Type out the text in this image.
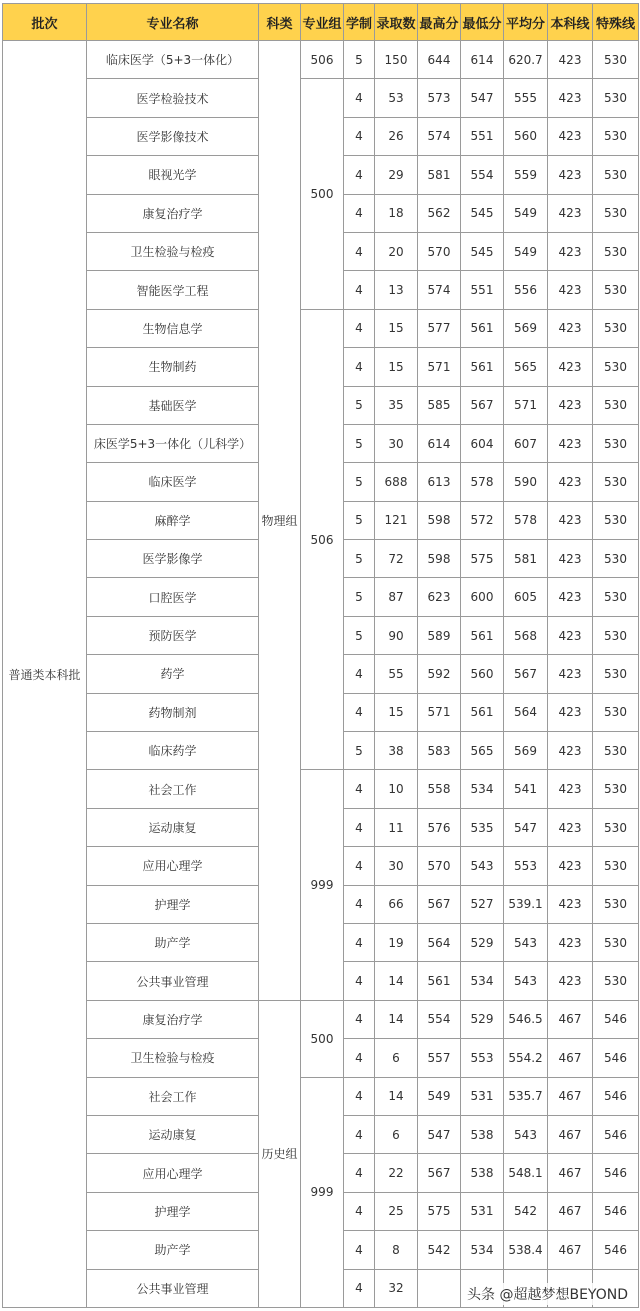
批次	专业名称	科类	专业组	学制	录取数	最高分	最低分	平均分	本科线	特殊线
普通类本科批	临床医学（5+3一体化）	物理组	506	5	150	644	614	620.7	423	530
	医学检验技术		500	4	53	573	547	555	423	530
	医学影像技术			4	26	574	551	560	423	530
	眼视光学			4	29	581	554	559	423	530
	康复治疗学			4	18	562	545	549	423	530
	卫生检验与检疫			4	20	570	545	549	423	530
	智能医学工程			4	13	574	551	556	423	530
	生物信息学		506	4	15	577	561	569	423	530
	生物制药			4	15	571	561	565	423	530
	基础医学			5	35	585	567	571	423	530
	床医学5+3一体化（儿科学）			5	30	614	604	607	423	530
	临床医学			5	688	613	578	590	423	530
	麻醉学			5	121	598	572	578	423	530
	医学影像学			5	72	598	575	581	423	530
	口腔医学			5	87	623	600	605	423	530
	预防医学			5	90	589	561	568	423	530
	药学			4	55	592	560	567	423	530
	药物制剂			4	15	571	561	564	423	530
	临床药学			5	38	583	565	569	423	530
	社会工作		999	4	10	558	534	541	423	530
	运动康复			4	11	576	535	547	423	530
	应用心理学			4	30	570	543	553	423	530
	护理学			4	66	567	527	539.1	423	530
	助产学			4	19	564	529	543	423	530
	公共事业管理			4	14	561	534	543	423	530
	康复治疗学	历史组	500	4	14	554	529	546.5	467	546
	卫生检验与检疫			4	6	557	553	554.2	467	546
	社会工作		999	4	14	549	531	535.7	467	546
	运动康复			4	6	547	538	543	467	546
	应用心理学			4	22	567	538	548.1	467	546
	护理学			4	25	575	531	542	467	546
	助产学			4	8	542	534	538.4	467	546
	公共事业管理			4	32						头条 @超越梦想BEYOND
